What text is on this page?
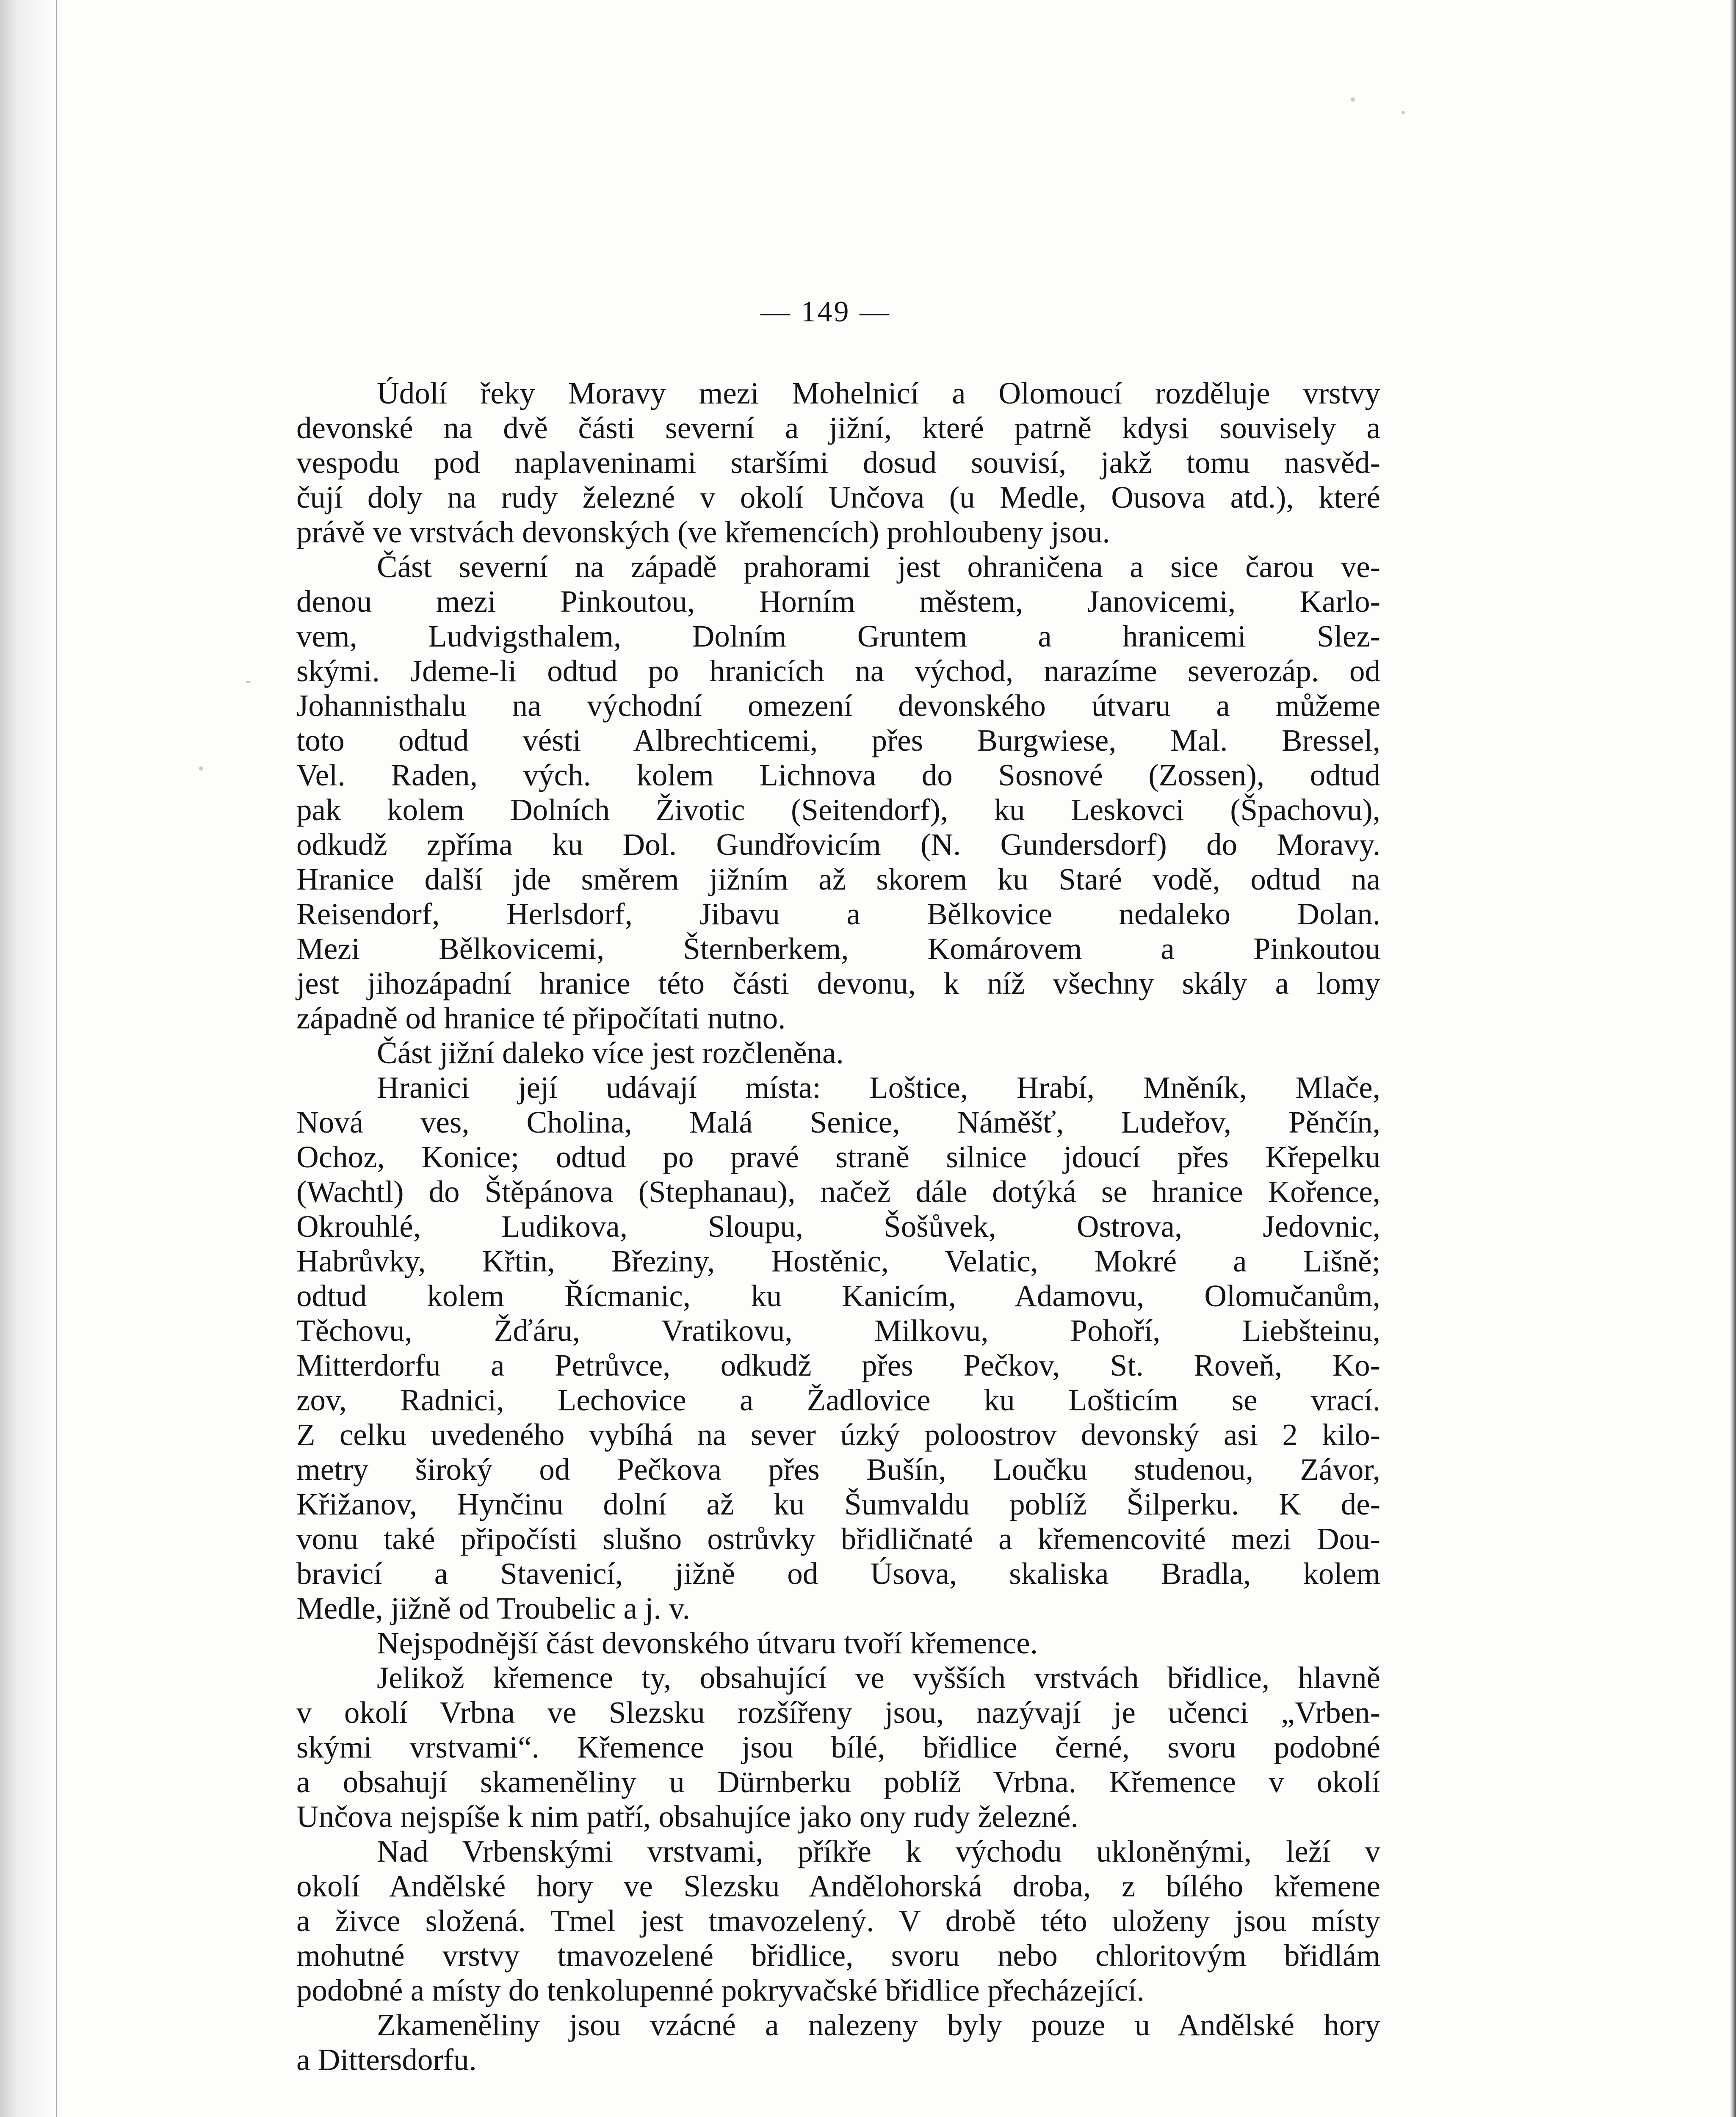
— 149 —
Údolí řeky Moravy mezi Mohelnicí a Olomoucí rozděluje vrstvy
devonské na dvě části severní a jižní, které patrně kdysi souvisely a
vespodu pod naplaveninami staršími dosud souvisí, jakž tomu nasvěd-
čují doly na rudy železné v okolí Unčova (u Medle, Ousova atd.), které
právě ve vrstvách devonských (ve křemencích) prohloubeny jsou.
Část severní na západě prahorami jest ohraničena a sice čarou ve-
denou mezi Pinkoutou, Horním městem, Janovicemi, Karlo-
vem, Ludvigsthalem, Dolním Gruntem a hranicemi Slez-
skými. Jdeme-li odtud po hranicích na východ, narazíme severozáp. od
Johannisthalu na východní omezení devonského útvaru a můžeme
toto odtud vésti Albrechticemi, přes Burgwiese, Mal. Bressel,
Vel. Raden, vých. kolem Lichnova do Sosnové (Zossen), odtud
pak kolem Dolních Životic (Seitendorf), ku Leskovci (Špachovu),
odkudž zpříma ku Dol. Gundřovicím (N. Gundersdorf) do Moravy.
Hranice další jde směrem jižním až skorem ku Staré vodě, odtud na
Reisendorf, Herlsdorf, Jibavu a Bělkovice nedaleko Dolan.
Mezi Bělkovicemi, Šternberkem, Komárovem a Pinkoutou
jest jihozápadní hranice této části devonu, k níž všechny skály a lomy
západně od hranice té připočítati nutno.
Část jižní daleko více jest rozčleněna.
Hranici její udávají místa: Loštice, Hrabí, Mněník, Mlače,
Nová ves, Cholina, Malá Senice, Náměšť, Ludeřov, Pěnčín,
Ochoz, Konice; odtud po pravé straně silnice jdoucí přes Křepelku
(Wachtl) do Štěpánova (Stephanau), načež dále dotýká se hranice Kořence,
Okrouhlé, Ludikova, Sloupu, Šošůvek, Ostrova, Jedovnic,
Habrůvky, Křtin, Březiny, Hostěnic, Velatic, Mokré a Lišně;
odtud kolem Řícmanic, ku Kanicím, Adamovu, Olomučanům,
Těchovu, Žďáru, Vratikovu, Milkovu, Pohoří, Liebšteinu,
Mitterdorfu a Petrůvce, odkudž přes Pečkov, St. Roveň, Ko-
zov, Radnici, Lechovice a Žadlovice ku Lošticím se vrací.
Z celku uvedeného vybíhá na sever úzký poloostrov devonský asi 2 kilo-
metry široký od Pečkova přes Bušín, Loučku studenou, Závor,
Křižanov, Hynčinu dolní až ku Šumvaldu poblíž Šilperku. K de-
vonu také připočísti slušno ostrůvky břidličnaté a křemencovité mezi Dou-
bravicí a Stavenicí, jižně od Úsova, skaliska Bradla, kolem
Medle, jižně od Troubelic a j. v.
Nejspodnější část devonského útvaru tvoří křemence.
Jelikož křemence ty, obsahující ve vyšších vrstvách břidlice, hlavně
v okolí Vrbna ve Slezsku rozšířeny jsou, nazývají je učenci „Vrben-
skými vrstvami“. Křemence jsou bílé, břidlice černé, svoru podobné
a obsahují skameněliny u Dürnberku poblíž Vrbna. Křemence v okolí
Unčova nejspíše k nim patří, obsahujíce jako ony rudy železné.
Nad Vrbenskými vrstvami, příkře k východu ukloněnými, leží v
okolí Andělské hory ve Slezsku Andělohorská droba, z bílého křemene
a živce složená. Tmel jest tmavozelený. V drobě této uloženy jsou místy
mohutné vrstvy tmavozelené břidlice, svoru nebo chloritovým břidlám
podobné a místy do tenkolupenné pokryvačské břidlice přecházející.
Zkameněliny jsou vzácné a nalezeny byly pouze u Andělské hory
a Dittersdorfu.
